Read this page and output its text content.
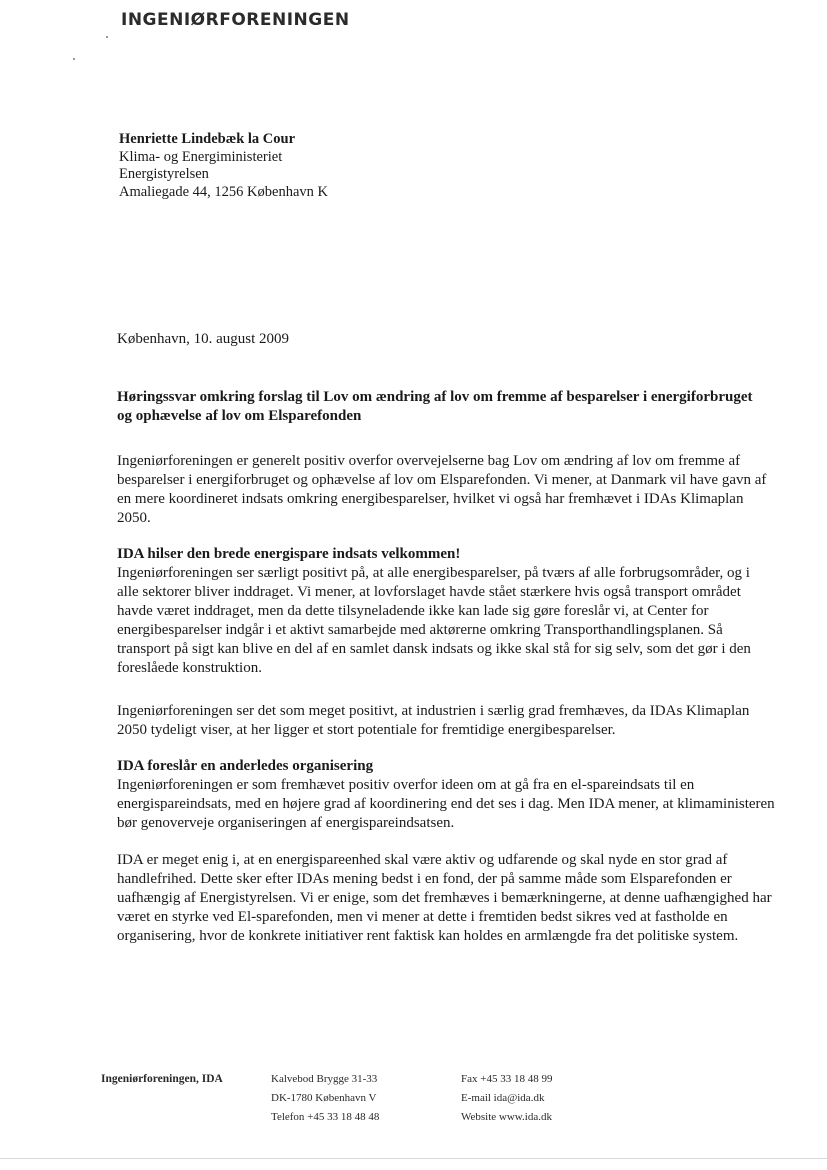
INGENIØRFORENINGEN
Henriette Lindebæk la Cour
Klima- og Energiministeriet
Energistyrelsen
Amaliegade 44, 1256 København K
København, 10. august 2009
Høringssvar omkring forslag til Lov om ændring af lov om fremme af besparelser i energiforbruget og ophævelse af lov om Elsparefonden

Ingeniørforeningen er generelt positiv overfor overvejelserne bag Lov om ændring af lov om fremme af besparelser i energiforbruget og ophævelse af lov om Elsparefonden. Vi mener, at Danmark vil have gavn af en mere koordineret indsats omkring energibesparelser, hvilket vi også har fremhævet i IDAs Klimaplan 2050.

IDA hilser den brede energispare indsats velkommen!

Ingeniørforeningen ser særligt positivt på, at alle energibesparelser, på tværs af alle forbrugsområder, og i alle sektorer bliver inddraget. Vi mener, at lovforslaget havde stået stærkere hvis også transport området havde været inddraget, men da dette tilsyneladende ikke kan lade sig gøre foreslår vi, at Center for energibesparelser indgår i et aktivt samarbejde med aktørerne omkring Transporthandlingsplanen. Så transport på sigt kan blive en del af en samlet dansk indsats og ikke skal stå for sig selv, som det gør i den foreslåede konstruktion.

Ingeniørforeningen ser det som meget positivt, at industrien i særlig grad fremhæves, da IDAs Klimaplan 2050 tydeligt viser, at her ligger et stort potentiale for fremtidige energibesparelser.

IDA foreslår en anderledes organisering

Ingeniørforeningen er som fremhævet positiv overfor ideen om at gå fra en el-spareindsats til en energispareindsats, med en højere grad af koordinering end det ses i dag. Men IDA mener, at klimaministeren bør genoverveje organiseringen af energispareindsatsen.

IDA er meget enig i, at en energispareenhed skal være aktiv og udfarende og skal nyde en stor grad af handlefrihed. Dette sker efter IDAs mening bedst i en fond, der på samme måde som Elsparefonden er uafhængig af Energistyrelsen. Vi er enige, som det fremhæves i bemærkningerne, at denne uafhængighed har været en styrke ved El-sparefonden, men vi mener at dette i fremtiden bedst sikres ved at fastholde en organisering, hvor de konkrete initiativer rent faktisk kan holdes en armlængde fra det politiske system.

Ingeniørforeningen, IDA	Kalvebod Brygge 31-33
DK-1780 København V
Telefon +45 33 18 48 48
Fax +45 33 18 48 99
E-mail ida@ida.dk
Website www.ida.dk
